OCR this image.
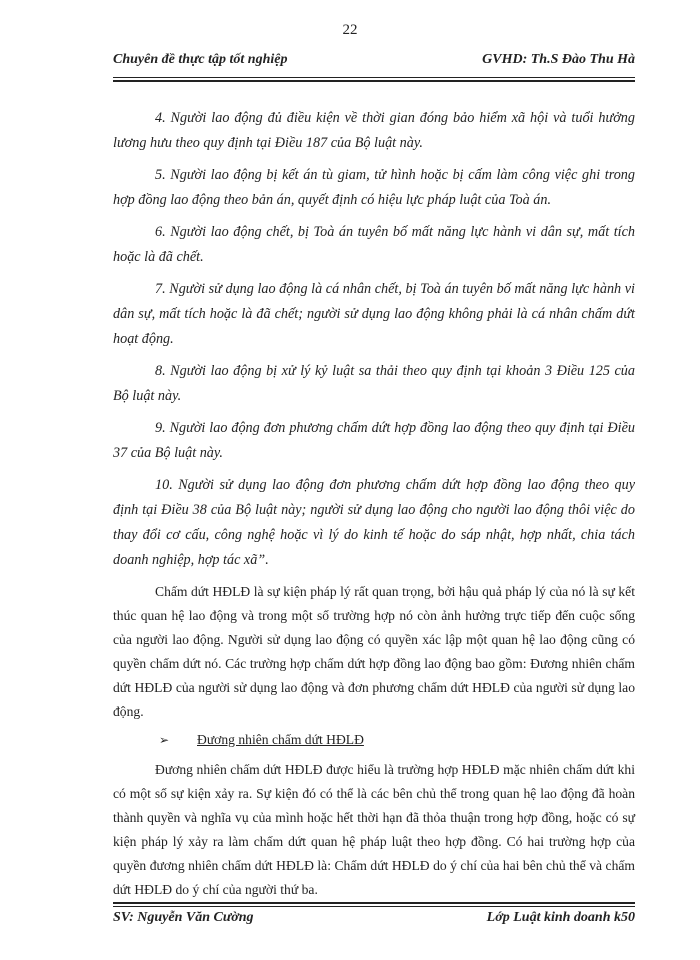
22
Chuyên đề thực tập tốt nghiệp	GVHD: Th.S Đào Thu Hà

4. Người lao động đủ điều kiện về thời gian đóng bảo hiểm xã hội và tuổi hưởng lương hưu theo quy định tại Điều 187 của Bộ luật này.

5. Người lao động bị kết án tù giam, tử hình hoặc bị cấm làm công việc ghi trong hợp đồng lao động theo bản án, quyết định có hiệu lực pháp luật của Toà án.

6. Người lao động chết, bị Toà án tuyên bố mất năng lực hành vi dân sự, mất tích hoặc là đã chết.

7. Người sử dụng lao động là cá nhân chết, bị Toà án tuyên bố mất năng lực hành vi dân sự, mất tích hoặc là đã chết; người sử dụng lao động không phải là cá nhân chấm dứt hoạt động.

8. Người lao động bị xử lý kỷ luật sa thải theo quy định tại khoản 3 Điều 125 của Bộ luật này.

9. Người lao động đơn phương chấm dứt hợp đồng lao động theo quy định tại Điều 37 của Bộ luật này.

10. Người sử dụng lao động đơn phương chấm dứt hợp đồng lao động theo quy định tại Điều 38 của Bộ luật này; người sử dụng lao động cho người lao động thôi việc do thay đổi cơ cấu, công nghệ hoặc vì lý do kinh tế hoặc do sáp nhật, hợp nhất, chia tách doanh nghiệp, hợp tác xã”.

Chấm dứt HĐLĐ là sự kiện pháp lý rất quan trọng, bởi hậu quả pháp lý của nó là sự kết thúc quan hệ lao động và trong một số trường hợp nó còn ảnh hưởng trực tiếp đến cuộc sống của người lao động. Người sử dụng lao động có quyền xác lập một quan hệ lao động cũng có quyền chấm dứt nó. Các trường hợp chấm dứt hợp đồng lao động bao gồm: Đương nhiên chấm dứt HĐLĐ của người sử dụng lao động và đơn phương chấm dứt HĐLĐ của người sử dụng lao động.

➢ Đương nhiên chấm dứt HĐLĐ

Đương nhiên chấm dứt HĐLĐ được hiểu là trường hợp HĐLĐ mặc nhiên chấm dứt khi có một số sự kiện xảy ra. Sự kiện đó có thể là các bên chủ thể trong quan hệ lao động đã hoàn thành quyền và nghĩa vụ của mình hoặc hết thời hạn đã thỏa thuận trong hợp đồng, hoặc có sự kiện pháp lý xảy ra làm chấm dứt quan hệ pháp luật theo hợp đồng. Có hai trường hợp của quyền đương nhiên chấm dứt HĐLĐ là: Chấm dứt HĐLĐ do ý chí của hai bên chủ thể và chấm dứt HĐLĐ do ý chí của người thứ ba.

SV: Nguyễn Văn Cường	Lớp Luật kinh doanh k50
